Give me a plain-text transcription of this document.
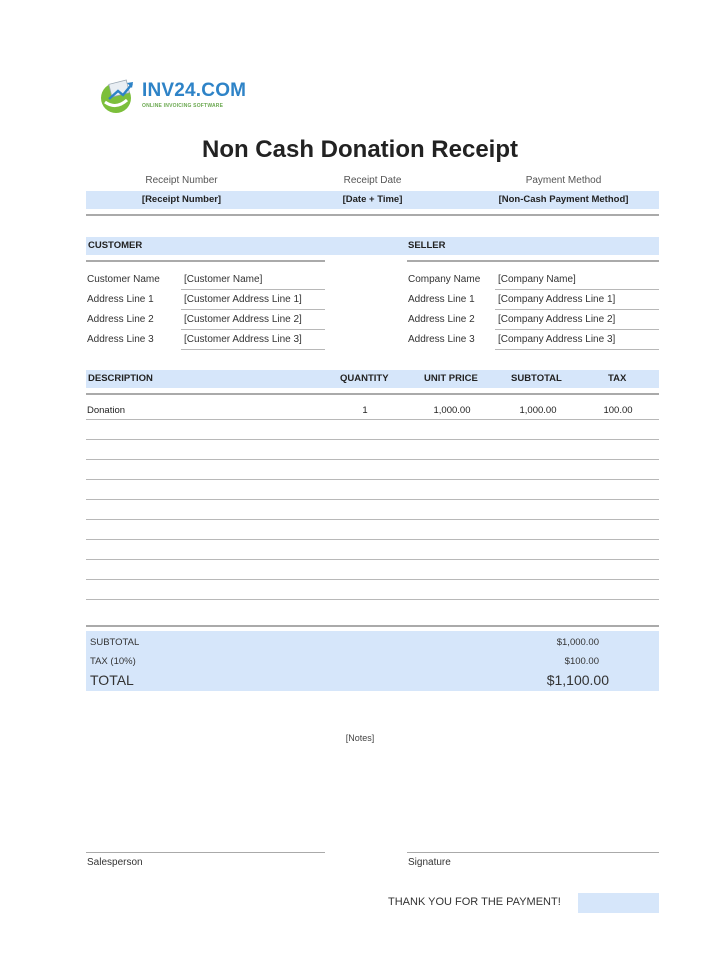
INV24.COM
ONLINE INVOICING SOFTWARE
Non Cash Donation Receipt
Receipt Number	Receipt Date	Payment Method
[Receipt Number]	[Date + Time]	[Non-Cash Payment Method]
CUSTOMER	SELLER
Customer Name [Customer Name]
Address Line 1	[Customer Address Line 1]
Address Line 2	[Customer Address Line 2]
Address Line 3	[Customer Address Line 3]
Company Name [Company Name]
Address Line 1 [Company Address Line 1]
Address Line 2 [Company Address Line 2]
Address Line 3 [Company Address Line 3]
DESCRIPTION	QUANTITY	UNIT PRICE	SUBTOTAL	TAX
Donation	1	1,000.00	1,000.00	100.00
SUBTOTAL	$1,000.00
TAX (10%)	$100.00
TOTAL	$1,100.00
[Notes]
Salesperson	Signature
THANK YOU FOR THE PAYMENT!
